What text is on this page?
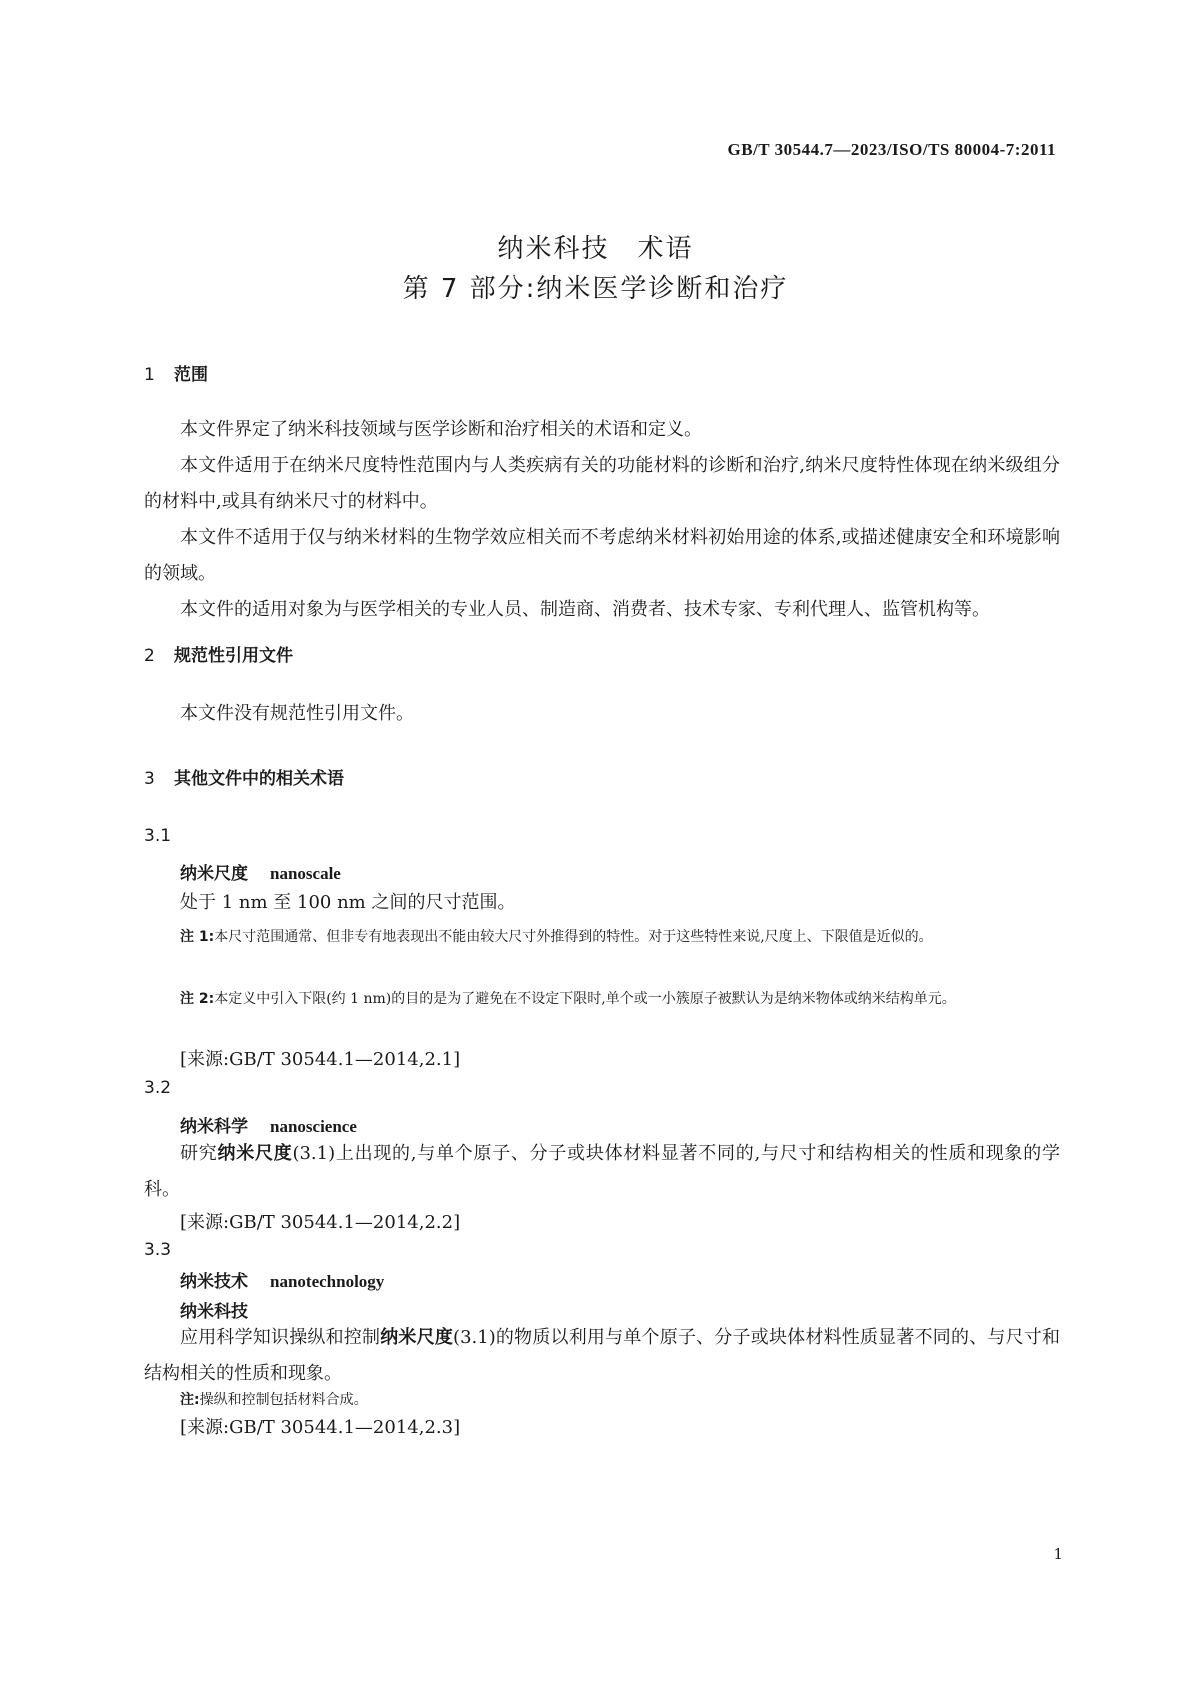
GB/T 30544.7—2023/ISO/TS 80004-7:2011
纳米科技　术语
第 7 部分:纳米医学诊断和治疗
1 范围
本文件界定了纳米科技领域与医学诊断和治疗相关的术语和定义。
本文件适用于在纳米尺度特性范围内与人类疾病有关的功能材料的诊断和治疗,纳米尺度特性体现在纳米级组分的材料中,或具有纳米尺寸的材料中。
本文件不适用于仅与纳米材料的生物学效应相关而不考虑纳米材料初始用途的体系,或描述健康安全和环境影响的领域。
本文件的适用对象为与医学相关的专业人员、制造商、消费者、技术专家、专利代理人、监管机构等。
2 规范性引用文件
本文件没有规范性引用文件。
3 其他文件中的相关术语
3.1
纳米尺度 nanoscale
处于 1 nm 至 100 nm 之间的尺寸范围。
注 1:本尺寸范围通常、但非专有地表现出不能由较大尺寸外推得到的特性。对于这些特性来说,尺度上、下限值是近似的。
注 2:本定义中引入下限(约 1 nm)的目的是为了避免在不设定下限时,单个或一小簇原子被默认为是纳米物体或纳米结构单元。
[来源:GB/T 30544.1—2014,2.1]
3.2
纳米科学 nanoscience
研究纳米尺度(3.1)上出现的,与单个原子、分子或块体材料显著不同的,与尺寸和结构相关的性质和现象的学科。
[来源:GB/T 30544.1—2014,2.2]
3.3
纳米技术 nanotechnology
纳米科技
应用科学知识操纵和控制纳米尺度(3.1)的物质以利用与单个原子、分子或块体材料性质显著不同的、与尺寸和结构相关的性质和现象。
注:操纵和控制包括材料合成。
[来源:GB/T 30544.1—2014,2.3]
1
